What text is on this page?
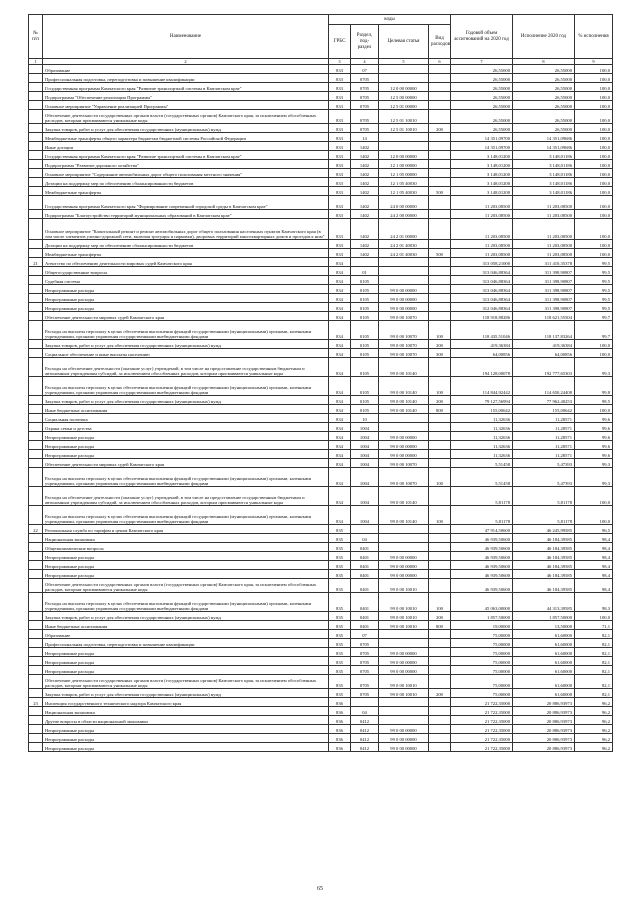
№ п/п	Наименование	коды				Годовой объем ассигнований на 2020 год	Исполнение 2020 год	% исполнения
		ГРБС	Раздел, под- раздел	Целевая статья	Вид расходов			
1	2	3	4	5	6	7	8	9
	Образование	833	07			26,55000	26,55000	100,0
	Профессиональная подготовка, переподготовка и повышение квалификации	833	0705			26,55000	26,55000	100,0
	Государственная программа Камчатского края "Развитие транспортной системы в Камчатском крае"	833	0705	12 0 00 00000		26,55000	26,55000	100,0
	Подпрограмма "Обеспечение реализации Программы"	833	0705	12 5 00 00000		26,55000	26,55000	100,0
	Основное мероприятие "Управление реализацией Программы"	833	0705	12 5 01 00000		26,55000	26,55000	100,0
	Обеспечение деятельности государственных органов власти (государственных органов) Камчатского края, за исключением обособленных расходов, которым присваиваются уникальные коды	833	0705	12 5 01 10010		26,55000	26,55000	100,0
	Закупка товаров, работ и услуг для обеспечения государственных (муниципальных) нужд	833	0705	12 5 01 10010	200	26,55000	26,55000	100,0
	Межбюджетные трансферты общего характера бюджетам бюджетной системы Российской Федерации	833	14			14 351,09700	14 351,09686	100,0
	Иные дотации	833	1402			14 351,09700	14 351,09686	100,0
	Государственная программа Камчатского края "Развитие транспортной системы в Камчатском крае"	833	1402	12 0 00 00000		3 148,01200	3 148,01186	100,0
	Подпрограмма "Развитие дорожного хозяйства"	833	1402	12 1 00 00000		3 148,01200	3 148,01186	100,0
	Основное мероприятие "Содержание автомобильных дорог общего пользования местного значения"	833	1402	12 1 05 00000		3 148,01200	3 148,01186	100,0
	Дотации на поддержку мер по обеспечению сбалансированности бюджетов	833	1402	12 1 05 40030		3 148,01200	3 148,01186	100,0
	Межбюджетные трансферты	833	1402	12 1 05 40030	500	3 148,01200	3 148,01186	100,0
	Государственная программа Камчатского края "Формирование современной городской среды в Камчатском крае"	833	1402	24 0 00 00000		11 203,08500	11 203,08500	100,0
	Подпрограмма "Благоустройство территорий муниципальных образований в Камчатском крае"	833	1402	24 2 00 00000		11 203,08500	11 203,08500	100,0
	Основное мероприятие "Капитальный ремонт и ремонт автомобильных дорог общего пользования населенных пунктов Камчатского края (в том числе элементов улично-дорожной сети, включая тротуары и парковки), дворовых территорий многоквартирных домов и проездов к ним"	833	1402	24 2 01 00000		11 203,08500	11 203,08500	100,0
	Дотации на поддержку мер по обеспечению сбалансированности бюджетов	833	1402	24 2 01 40030		11 203,08500	11 203,08500	100,0
	Межбюджетные трансферты	833	1402	24 2 01 40030	500	11 203,08500	11 203,08500	100,0
21	Агентство по обеспечению деятельности мировых судей Камчатского края	834				313 058,21000	311 410,35378	99,5
	Общегосударственные вопросы	834	01			313 046,88364	311 398,90807	99,5
	Судебная система	834	0105			313 046,88364	311 398,90807	99,5
	Непрограммные расходы	834	0105	99 0 00 00000		313 046,88364	311 398,90807	99,5
	Непрограммные расходы	834	0105	99 0 00 00000		313 046,88364	311 398,90807	99,5
	Непрограммные расходы	834	0105	99 0 00 00000		312 046,88364	311 398,90807	99,5
	Обеспечение деятельности мировых судей Камчатского края	834	0105	99 0 00 10070		118 918,88286	118 621,55504	99,7
	Расходы на выплаты персоналу в целях обеспечения выполнения функций государственными (муниципальными) органами, казенными учреждениями, органами управления государственными внебюджетными фондами	834	0105	99 0 00 10070	100	118 435,51046	118 137,83264	99,7
	Закупка товаров, работ и услуг для обеспечения государственных (муниципальных) нужд	834	0105	99 0 00 10070	200	419,36384	419,36384	100,0
	Социальное обеспечение и иные выплаты населению	834	0105	99 0 00 10070	300	64,00856	64,00856	100,0
	Расходы на обеспечение деятельности (оказание услуг) учреждений, в том числе на предоставление государственным бюджетным и автономным учреждениям субсидий, за исключением обособленных расходов, которым присваиваются уникальные коды	834	0105	99 0 00 10140		194 128,00078	192 777,65303	99,3
	Расходы на выплаты персоналу в целях обеспечения выполнения функций государственными (муниципальными) органами, казенными учреждениями, органами управления государственными внебюджетными фондами	834	0105	99 0 00 10140	100	114 844,92442	114 650,24408	99,8
	Закупка товаров, работ и услуг для обеспечения государственных (муниципальных) нужд	834	0105	99 0 00 10140	200	79 127,56994	77 962,40253	98,5
	Иные бюджетные ассигнования	834	0105	99 0 00 10140	800	155,00642	155,00642	100,0
	Социальная политика	834	10			11,32636	11,28571	99,6
	Охрана семьи и детства	834	1004			11,32636	11,28571	99,6
	Непрограммные расходы	834	1004	99 0 00 00000		11,32636	11,28571	99,6
	Непрограммные расходы	834	1004	99 0 00 00000		11,32636	11,28571	99,6
	Непрограммные расходы	834	1004	99 0 00 00000		11,32636	11,28571	99,6
	Обеспечение деятельности мировых судей Камчатского края	834	1004	99 0 00 10070		5,51458	5,47393	99,3
	Расходы на выплаты персоналу в целях обеспечения выполнения функций государственными (муниципальными) органами, казенными учреждениями, органами управления государственными внебюджетными фондами	834	1004	99 0 00 10070	100	5,51458	5,47393	99,3
	Расходы на обеспечение деятельности (оказание услуг) учреждений, в том числе на предоставление государственным бюджетным и автономным учреждениям субсидий, за исключением обособленных расходов, которым присваиваются уникальные коды	834	1004	99 0 00 10140		5,81178	5,81178	100,0
	Расходы на выплаты персоналу в целях обеспечения выполнения функций государственными (муниципальными) органами, казенными учреждениями, органами управления государственными внебюджетными фондами	834	1004	99 0 00 10140	100	5,81178	5,81178	100,0
22	Региональная служба по тарифам и ценам Камчатского края	835				47 914,50600	46 245,99585	96,5
	Национальная экономика	835	04			46 939,50600	46 184,39585	98,4
	Общеэкономические вопросы	835	0401			46 939,50600	46 184,39585	98,4
	Непрограммные расходы	835	0401	99 0 00 00000		46 939,50600	46 184,39585	98,4
	Непрограммные расходы	835	0401	99 0 00 00000		46 939,50600	46 184,39585	98,4
	Непрограммные расходы	835	0401	99 0 00 00000		46 939,50600	46 184,39585	98,4
	Обеспечение деятельности государственных органов власти (государственных органов) Камчатского края, за исключением обособленных расходов, которым присваиваются уникальные коды	835	0401	99 0 00 10010		46 939,50600	46 184,39585	98,4
	Расходы на выплаты персоналу в целях обеспечения выполнения функций государственными (муниципальными) органами, казенными учреждениями, органами управления государственными внебюджетными фондами	835	0401	99 0 00 10010	100	45 063,00000	44 313,39585	98,3
	Закупка товаров, работ и услуг для обеспечения государственных (муниципальных) нужд	835	0401	99 0 00 10010	200	1 857,50000	1 857,50000	100,0
	Иные бюджетные ассигнования	835	0401	99 0 00 10010	800	19,00000	13,50000	71,1
	Образование	835	07			75,00000	61,60000	82,1
	Профессиональная подготовка, переподготовка и повышение квалификации	835	0705			75,00000	61,60000	82,1
	Непрограммные расходы	835	0705	99 0 00 00000		75,00000	61,60000	82,1
	Непрограммные расходы	835	0705	99 0 00 00000		75,00000	61,60000	82,1
	Непрограммные расходы	835	0705	99 0 00 00000		75,00000	61,60000	82,1
	Обеспечение деятельности государственных органов власти (государственных органов) Камчатского края, за исключением обособленных расходов, которым присваиваются уникальные коды	835	0705	99 0 00 10010		75,00000	61,60000	82,1
	Закупка товаров, работ и услуг для обеспечения государственных (муниципальных) нужд	835	0705	99 0 00 10010	200	75,00000	61,60000	82,1
23	Инспекция государственного технического надзора Камчатского края	836				21 722,35000	20 886,93973	96,2
	Национальная экономика	836	04			21 722,35000	20 886,93973	96,2
	Другие вопросы в области национальной экономики	836	0412			21 722,35000	20 886,93973	96,2
	Непрограммные расходы	836	0412	99 0 00 00000		21 722,35000	20 886,93973	96,2
	Непрограммные расходы	836	0412	99 0 00 00000		21 722,35000	20 886,93973	96,2
	Непрограммные расходы	836	0412	99 0 00 00000		21 722,35000	20 886,93973	96,2
65
